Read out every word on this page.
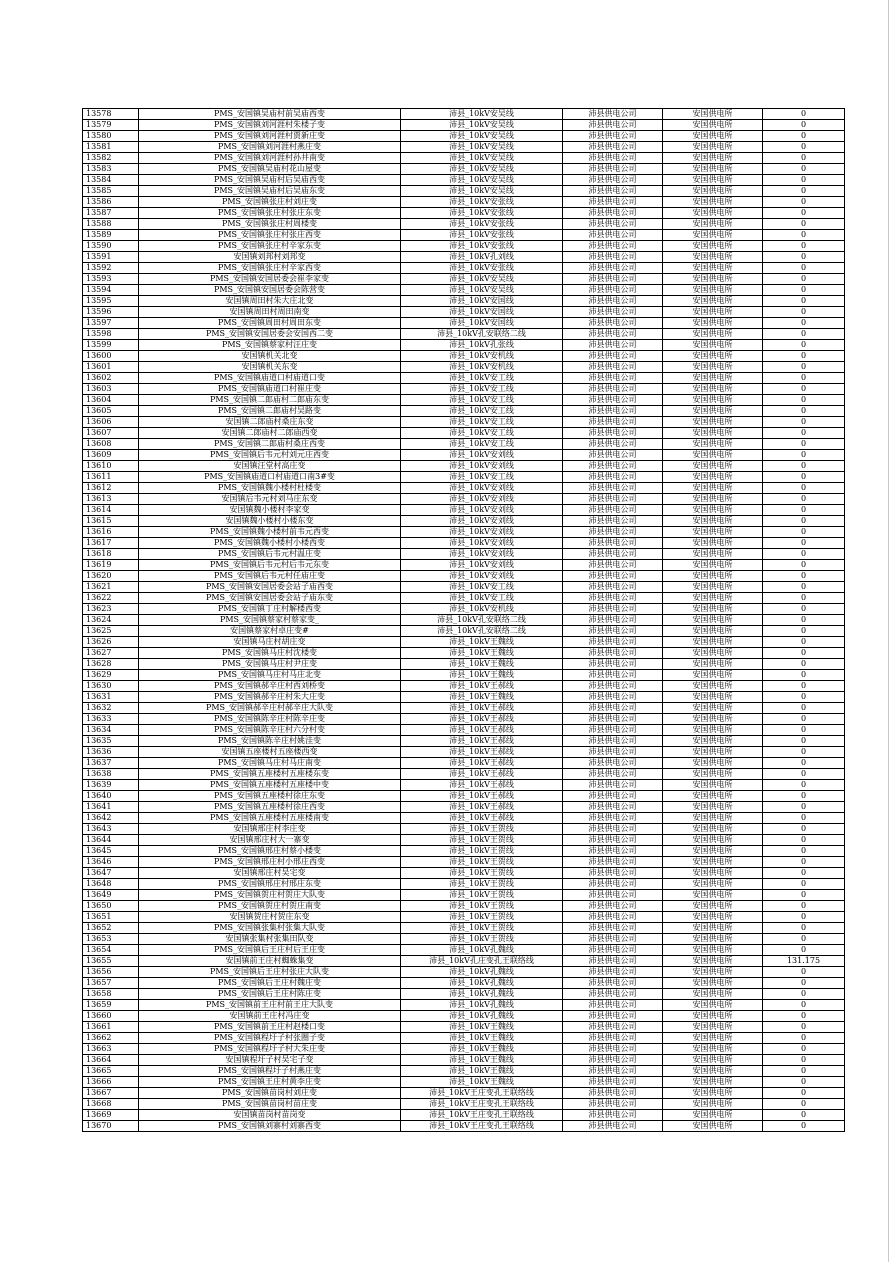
13578	PMS_安国镇吴庙村前吴庙西变	沛县_10kV安吴线	沛县供电公司	安国供电所	0
13579	PMS_安国镇刘河涯村朱楼子变	沛县_10kV安吴线	沛县供电公司	安国供电所	0
13580	PMS_安国镇刘河涯村贾新庄变	沛县_10kV安吴线	沛县供电公司	安国供电所	0
13581	PMS_安国镇刘河涯村燕庄变	沛县_10kV安吴线	沛县供电公司	安国供电所	0
13582	PMS_安国镇刘河涯村孙井南变	沛县_10kV安吴线	沛县供电公司	安国供电所	0
13583	PMS_安国镇吴庙村花山屋变	沛县_10kV安吴线	沛县供电公司	安国供电所	0
13584	PMS_安国镇吴庙村后吴庙西变	沛县_10kV安吴线	沛县供电公司	安国供电所	0
13585	PMS_安国镇吴庙村后吴庙东变	沛县_10kV安吴线	沛县供电公司	安国供电所	0
13586	PMS_安国镇张庄村刘庄变	沛县_10kV安张线	沛县供电公司	安国供电所	0
13587	PMS_安国镇张庄村张庄东变	沛县_10kV安张线	沛县供电公司	安国供电所	0
13588	PMS_安国镇张庄村周楼变	沛县_10kV安张线	沛县供电公司	安国供电所	0
13589	PMS_安国镇张庄村张庄西变	沛县_10kV安张线	沛县供电公司	安国供电所	0
13590	PMS_安国镇张庄村辛家东变	沛县_10kV安张线	沛县供电公司	安国供电所	0
13591	安国镇刘邦村刘邦变	沛县_10kV孔刘线	沛县供电公司	安国供电所	0
13592	PMS_安国镇张庄村辛家西变	沛县_10kV安张线	沛县供电公司	安国供电所	0
13593	PMS_安国镇安国居委会崔李家变	沛县_10kV安吴线	沛县供电公司	安国供电所	0
13594	PMS_安国镇安国居委会陈营变	沛县_10kV安吴线	沛县供电公司	安国供电所	0
13595	安国镇周田村朱大庄北变	沛县_10kV安国线	沛县供电公司	安国供电所	0
13596	安国镇周田村周田南变	沛县_10kV安国线	沛县供电公司	安国供电所	0
13597	PMS_安国镇周田村周田东变	沛县_10kV安国线	沛县供电公司	安国供电所	0
13598	PMS_安国镇安国居委会安国西二变	沛县_10kV孔安联络二线	沛县供电公司	安国供电所	0
13599	PMS_安国镇蔡家村汪庄变	沛县_10kV孔张线	沛县供电公司	安国供电所	0
13600	安国镇机关北变	沛县_10kV安机线	沛县供电公司	安国供电所	0
13601	安国镇机关东变	沛县_10kV安机线	沛县供电公司	安国供电所	0
13602	PMS_安国镇庙道口村庙道口变	沛县_10kV安工线	沛县供电公司	安国供电所	0
13603	PMS_安国镇庙道口村崔庄变	沛县_10kV安工线	沛县供电公司	安国供电所	0
13604	PMS_安国镇二郎庙村二郎庙东变	沛县_10kV安工线	沛县供电公司	安国供电所	0
13605	PMS_安国镇二郎庙村吴路变	沛县_10kV安工线	沛县供电公司	安国供电所	0
13606	安国镇二郎庙村桑庄东变	沛县_10kV安工线	沛县供电公司	安国供电所	0
13607	安国镇二郎庙村二郎庙西变	沛县_10kV安工线	沛县供电公司	安国供电所	0
13608	PMS_安国镇二郎庙村桑庄西变	沛县_10kV安工线	沛县供电公司	安国供电所	0
13609	PMS_安国镇后韦元村刘元庄西变	沛县_10kV安刘线	沛县供电公司	安国供电所	0
13610	安国镇汪堂村高庄变	沛县_10kV安刘线	沛县供电公司	安国供电所	0
13611	PMS_安国镇庙道口村庙道口南3#变	沛县_10kV安工线	沛县供电公司	安国供电所	0
13612	PMS_安国镇魏小楼村杜楼变	沛县_10kV安刘线	沛县供电公司	安国供电所	0
13613	安国镇后韦元村刘马庄东变	沛县_10kV安刘线	沛县供电公司	安国供电所	0
13614	安国镇魏小楼村李家变	沛县_10kV安刘线	沛县供电公司	安国供电所	0
13615	安国镇魏小楼村小楼东变	沛县_10kV安刘线	沛县供电公司	安国供电所	0
13616	PMS_安国镇魏小楼村前韦元西变	沛县_10kV安刘线	沛县供电公司	安国供电所	0
13617	PMS_安国镇魏小楼村小楼西变	沛县_10kV安刘线	沛县供电公司	安国供电所	0
13618	PMS_安国镇后韦元村温庄变	沛县_10kV安刘线	沛县供电公司	安国供电所	0
13619	PMS_安国镇后韦元村后韦元东变	沛县_10kV安刘线	沛县供电公司	安国供电所	0
13620	PMS_安国镇后韦元村任庙庄变	沛县_10kV安刘线	沛县供电公司	安国供电所	0
13621	PMS_安国镇安国居委会站子庙西变	沛县_10kV安工线	沛县供电公司	安国供电所	0
13622	PMS_安国镇安国居委会站子庙东变	沛县_10kV安工线	沛县供电公司	安国供电所	0
13623	PMS_安国镇丁庄村解楼西变	沛县_10kV安机线	沛县供电公司	安国供电所	0
13624	PMS_安国镇蔡家村蔡家变_	沛县_10kV孔安联络二线	沛县供电公司	安国供电所	0
13625	安国镇蔡家村卓庄变#	沛县_10kV孔安联络二线	沛县供电公司	安国供电所	0
13626	安国镇马庄村胡庄变	沛县_10kV王魏线	沛县供电公司	安国供电所	0
13627	PMS_安国镇马庄村沈楼变	沛县_10kV王魏线	沛县供电公司	安国供电所	0
13628	PMS_安国镇马庄村尹庄变	沛县_10kV王魏线	沛县供电公司	安国供电所	0
13629	PMS_安国镇马庄村马庄北变	沛县_10kV王魏线	沛县供电公司	安国供电所	0
13630	PMS_安国镇郝辛庄村西刘桥变	沛县_10kV王郝线	沛县供电公司	安国供电所	0
13631	PMS_安国镇郝辛庄村朱大庄变	沛县_10kV王魏线	沛县供电公司	安国供电所	0
13632	PMS_安国镇郝辛庄村郝辛庄大队变	沛县_10kV王郝线	沛县供电公司	安国供电所	0
13633	PMS_安国镇陈辛庄村陈辛庄变	沛县_10kV王郝线	沛县供电公司	安国供电所	0
13634	PMS_安国镇陈辛庄村六分村变	沛县_10kV王郝线	沛县供电公司	安国供电所	0
13635	PMS_安国镇陈辛庄村姚洼变	沛县_10kV王郝线	沛县供电公司	安国供电所	0
13636	安国镇五座楼村五座楼西变	沛县_10kV王郝线	沛县供电公司	安国供电所	0
13637	PMS_安国镇马庄村马庄南变	沛县_10kV王郝线	沛县供电公司	安国供电所	0
13638	PMS_安国镇五座楼村五座楼东变	沛县_10kV王郝线	沛县供电公司	安国供电所	0
13639	PMS_安国镇五座楼村五座楼中变	沛县_10kV王郝线	沛县供电公司	安国供电所	0
13640	PMS_安国镇五座楼村徐庄东变	沛县_10kV王郝线	沛县供电公司	安国供电所	0
13641	PMS_安国镇五座楼村徐庄西变	沛县_10kV王郝线	沛县供电公司	安国供电所	0
13642	PMS_安国镇五座楼村五座楼南变	沛县_10kV王郝线	沛县供电公司	安国供电所	0
13643	安国镇邢庄村李庄变	沛县_10kV王贺线	沛县供电公司	安国供电所	0
13644	安国镇邢庄村大一寨变	沛县_10kV王贺线	沛县供电公司	安国供电所	0
13645	PMS_安国镇邢庄村蔡小楼变	沛县_10kV王贺线	沛县供电公司	安国供电所	0
13646	PMS_安国镇邢庄村小邢庄西变	沛县_10kV王贺线	沛县供电公司	安国供电所	0
13647	安国镇邢庄村吴宅变	沛县_10kV王贺线	沛县供电公司	安国供电所	0
13648	PMS_安国镇邢庄村邢庄东变	沛县_10kV王贺线	沛县供电公司	安国供电所	0
13649	PMS_安国镇贺庄村贺庄大队变	沛县_10kV王贺线	沛县供电公司	安国供电所	0
13650	PMS_安国镇贺庄村贺庄南变	沛县_10kV王贺线	沛县供电公司	安国供电所	0
13651	安国镇贺庄村贺庄东变	沛县_10kV王贺线	沛县供电公司	安国供电所	0
13652	PMS_安国镇张集村张集大队变	沛县_10kV王贺线	沛县供电公司	安国供电所	0
13653	安国镇张集村张集田队变	沛县_10kV王贺线	沛县供电公司	安国供电所	0
13654	PMS_安国镇后王庄村后王庄变	沛县_10kV孔魏线	沛县供电公司	安国供电所	0
13655	安国镇前王庄村蜘蛛集变	沛县_10kV孔庄变孔王联络线	沛县供电公司	安国供电所	131.175
13656	PMS_安国镇后王庄村张庄大队变	沛县_10kV孔魏线	沛县供电公司	安国供电所	0
13657	PMS_安国镇后王庄村魏庄变	沛县_10kV孔魏线	沛县供电公司	安国供电所	0
13658	PMS_安国镇后王庄村陈庄变	沛县_10kV孔魏线	沛县供电公司	安国供电所	0
13659	PMS_安国镇前王庄村前王庄大队变	沛县_10kV孔魏线	沛县供电公司	安国供电所	0
13660	安国镇前王庄村冯庄变	沛县_10kV孔魏线	沛县供电公司	安国供电所	0
13661	PMS_安国镇前王庄村赵楼口变	沛县_10kV王魏线	沛县供电公司	安国供电所	0
13662	PMS_安国镇程圩子村张圈子变	沛县_10kV王魏线	沛县供电公司	安国供电所	0
13663	PMS_安国镇程圩子村大朱庄变	沛县_10kV王魏线	沛县供电公司	安国供电所	0
13664	安国镇程圩子村吴宅子变	沛县_10kV王魏线	沛县供电公司	安国供电所	0
13665	PMS_安国镇程圩子村燕庄变	沛县_10kV王魏线	沛县供电公司	安国供电所	0
13666	PMS_安国镇王庄村黄李庄变	沛县_10kV王魏线	沛县供电公司	安国供电所	0
13667	PMS_安国镇苗岗村刘庄变	沛县_10kV王庄变孔王联络线	沛县供电公司	安国供电所	0
13668	PMS_安国镇苗岗村苗庄变	沛县_10kV王庄变孔王联络线	沛县供电公司	安国供电所	0
13669	安国镇苗岗村苗岗变	沛县_10kV王庄变孔王联络线	沛县供电公司	安国供电所	0
13670	PMS_安国镇刘寨村刘寨西变	沛县_10kV王庄变孔王联络线	沛县供电公司	安国供电所	0
